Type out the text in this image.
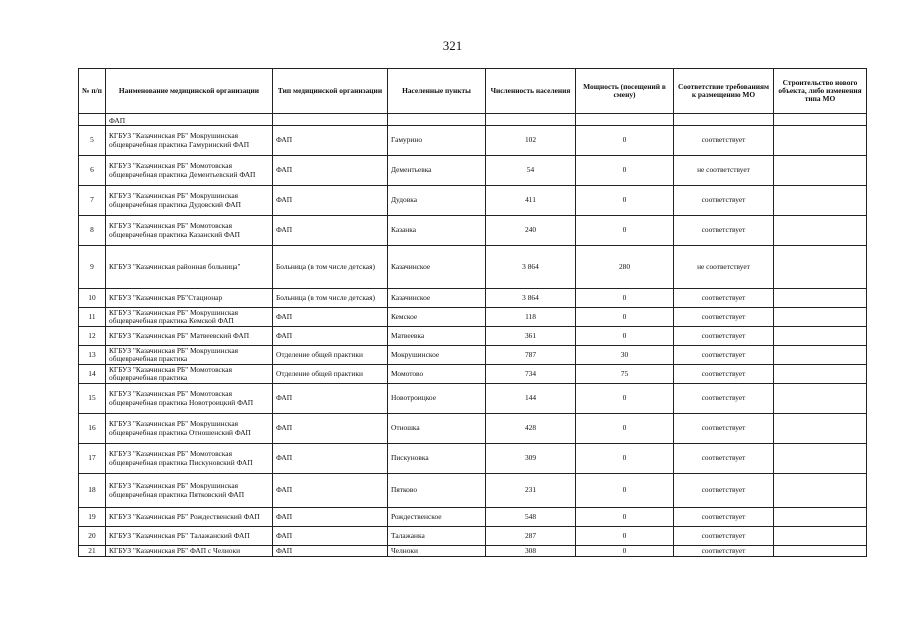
321
№ п/п	Наименование медицинской организации	Тип медицинской организации	Населенные пункты	Численность населения	Мощность (посещений в смену)	Соответствие требованиям к размещению МО	Строительство нового объекта, либо изменения типа МО
	ФАП						
5	КГБУЗ "Казачинская РБ" Мокрушинская общеврачебная практика Гамуринский ФАП	ФАП	Гамурино	102	0	соответствует	
6	КГБУЗ "Казачинская РБ" Момотовская общеврачебная практика Дементьевский ФАП	ФАП	Дементьевка	54	0	не соответствует	
7	КГБУЗ "Казачинская РБ" Мокрушинская общеврачебная практика Дудовский ФАП	ФАП	Дудовка	411	0	соответствует	
8	КГБУЗ "Казачинская РБ" Момотовская общеврачебная практика Казанский ФАП	ФАП	Казанка	240	0	соответствует	
9	КГБУЗ "Казачинская районная больница"	Больница (в том числе детская)	Казачинское	3 864	280	не соответствует	
10	КГБУЗ "Казачинская РБ"Стационар	Больница (в том числе детская)	Казачинское	3 864	0	соответствует	
11	КГБУЗ "Казачинская РБ" Мокрушинская общеврачебная практика Кемской ФАП	ФАП	Кемское	118	0	соответствует	
12	КГБУЗ "Казачинская РБ" Матвеевский ФАП	ФАП	Матвеевка	361	0	соответствует	
13	КГБУЗ "Казачинская РБ" Мокрушинская общеврачебная практика	Отделение общей практики	Мокрушинское	787	30	соответствует	
14	КГБУЗ "Казачинская РБ" Момотовская общеврачебная практика	Отделение общей практики	Момотово	734	75	соответствует	
15	КГБУЗ "Казачинская РБ" Момотовская общеврачебная практика Новотроицкий ФАП	ФАП	Новотроицкое	144	0	соответствует	
16	КГБУЗ "Казачинская РБ" Мокрушинская общеврачебная практика Отношенский ФАП	ФАП	Отношка	428	0	соответствует	
17	КГБУЗ "Казачинская РБ" Момотовская общеврачебная практика Пискуновский ФАП	ФАП	Пискуновка	309	0	соответствует	
18	КГБУЗ "Казачинская РБ" Мокрушинская общеврачебная практика Пятковский ФАП	ФАП	Пятково	231	0	соответствует	
19	КГБУЗ "Казачинская РБ" Рождественский ФАП	ФАП	Рождественское	548	0	соответствует	
20	КГБУЗ "Казачинская РБ" Талажанский ФАП	ФАП	Талажанка	287	0	соответствует	
21	КГБУЗ "Казачинская РБ" ФАП с Челноки	ФАП	Челноки	308	0	соответствует	
